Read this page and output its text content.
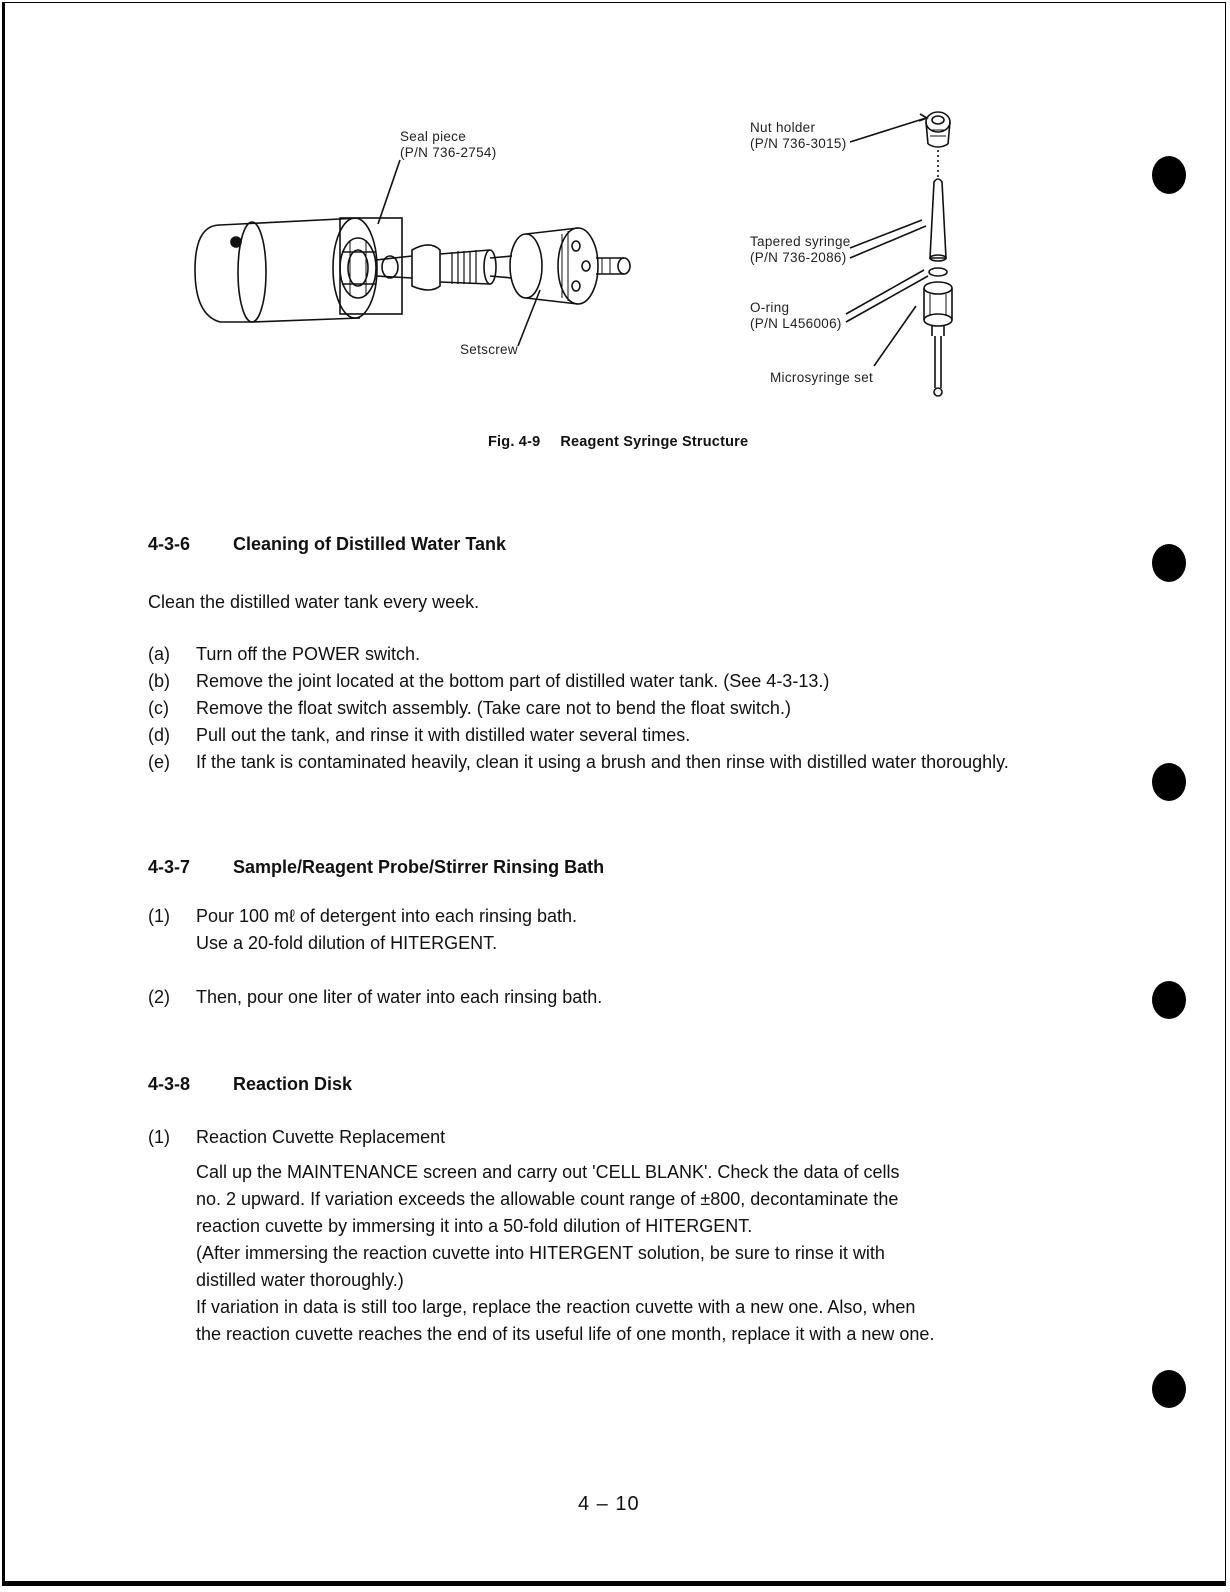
Seal piece
(P/N 736-2754)
Setscrew
Nut holder
(P/N 736-3015)
Tapered syringe
(P/N 736-2086)
O-ring
(P/N L456006)
Microsyringe set
Fig. 4-9 Reagent Syringe Structure
4-3-6 Cleaning of Distilled Water Tank
Clean the distilled water tank every week.
(a)	Turn off the POWER switch.
(b)	Remove the joint located at the bottom part of distilled water tank. (See 4-3-13.)
(c)	Remove the float switch assembly. (Take care not to bend the float switch.)
(d)	Pull out the tank, and rinse it with distilled water several times.
(e)	If the tank is contaminated heavily, clean it using a brush and then rinse with distilled water thoroughly.
4-3-7 Sample/Reagent Probe/Stirrer Rinsing Bath
(1)	Pour 100 mℓ of detergent into each rinsing bath.
Use a 20-fold dilution of HITERGENT.
(2)	Then, pour one liter of water into each rinsing bath.
4-3-8 Reaction Disk
(1)	Reaction Cuvette Replacement
Call up the MAINTENANCE screen and carry out 'CELL BLANK'. Check the data of cells
no. 2 upward. If variation exceeds the allowable count range of ±800, decontaminate the
reaction cuvette by immersing it into a 50-fold dilution of HITERGENT.
(After immersing the reaction cuvette into HITERGENT solution, be sure to rinse it with
distilled water thoroughly.)
If variation in data is still too large, replace the reaction cuvette with a new one. Also, when
the reaction cuvette reaches the end of its useful life of one month, replace it with a new one.
4 – 10
